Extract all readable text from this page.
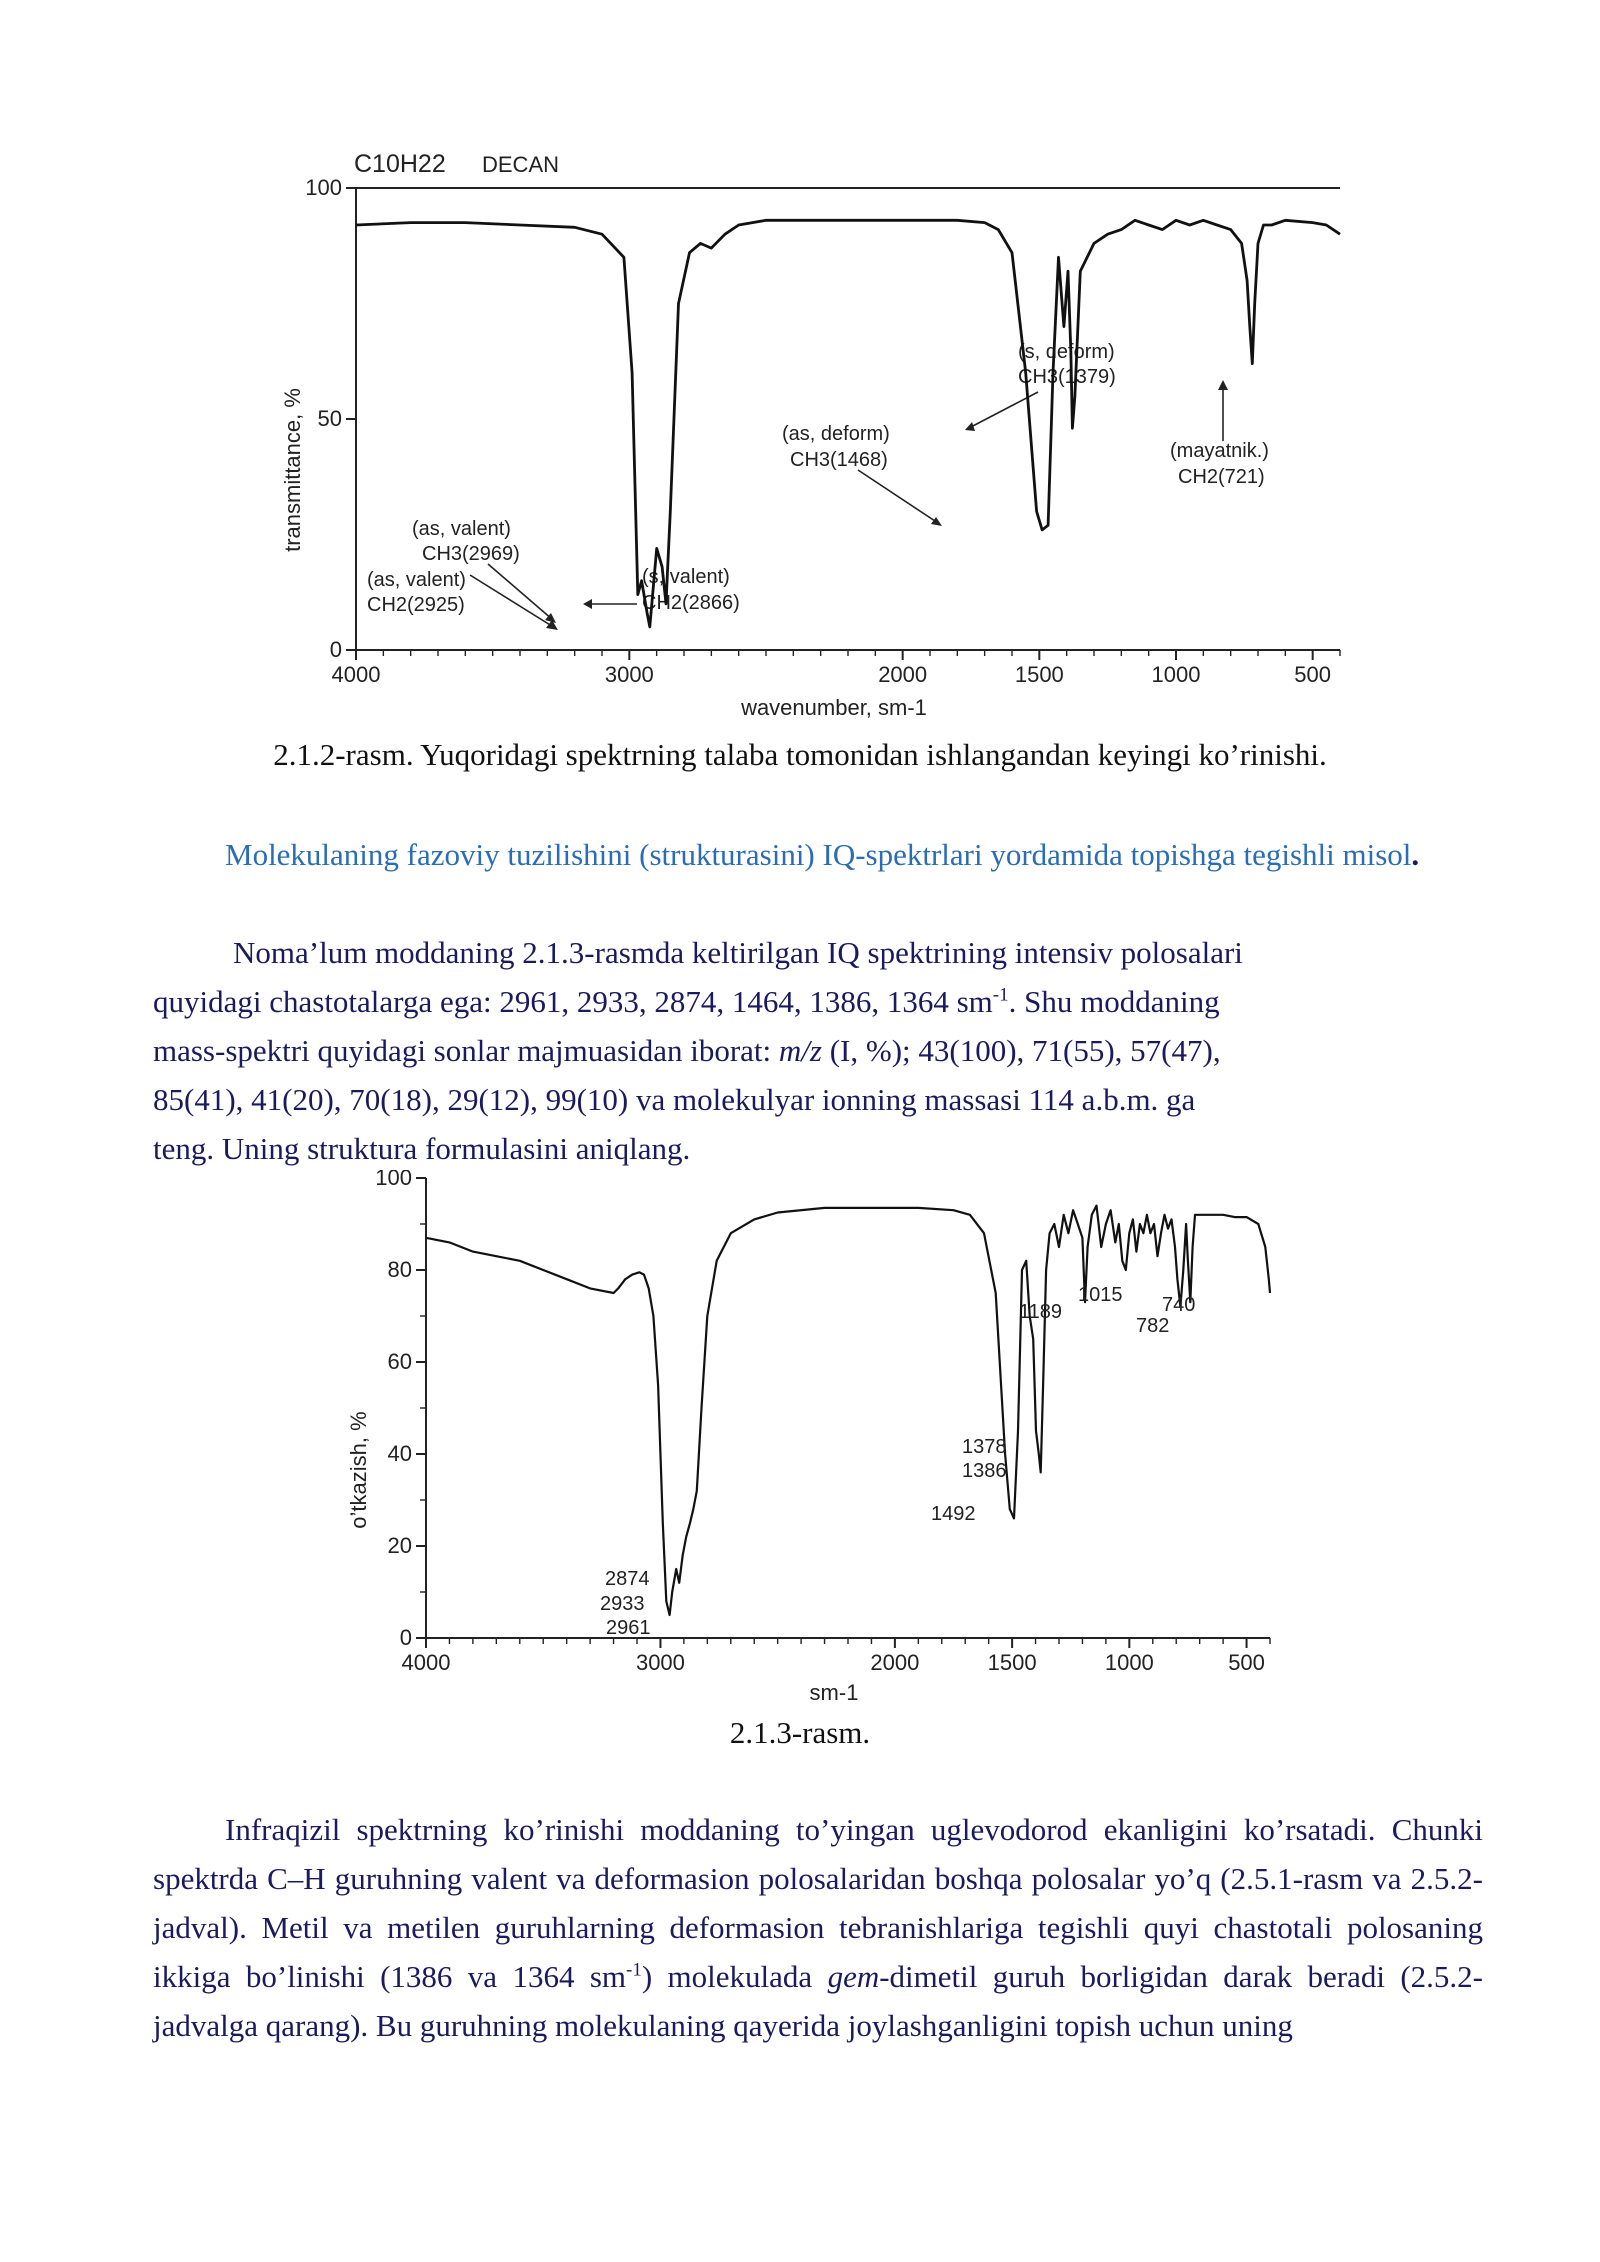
C10H22 DECAN
transmittance, %
wavenumber, sm-1
(as, valent)
CH3(2969)
(as, valent)
CH2(2925)
(s, valent)
CH2(2866)
(as, deform)
CH3(1468)
(s, deform)
CH3(1379)
(mayatnik.)
CH2(721)
4000	3000	2000	1500	1000	500
0
50
100
2.1.2-rasm. Yuqoridagi spektrning talaba tomonidan ishlangandan keyingi ko’rinishi.

Molekulaning fazoviy tuzilishini (strukturasini) IQ-spektrlari yordamida topishga tegishli misol.

Noma’lum moddaning 2.1.3-rasmda keltirilgan IQ spektrining intensiv polosalari

quyidagi chastotalarga ega: 2961, 2933, 2874, 1464, 1386, 1364 $sm^{-1}$. Shu moddaning

mass-spektri quyidagi sonlar majmuasidan iborat: m/z (I, %); 43(100), 71(55), 57(47),

85(41), 41(20), 70(18), 29(12), 99(10) va molekulyar ionning massasi 114 a.b.m. ga

teng. Uning struktura formulasini aniqlang.

o’tkazish, %
sm-1
4000	3000	2000	1500	1000	500
0
20
40
60
80
100
2874
2933
2961
1378
1386
1492
1189
1015 740
782
2.1.3-rasm.

Infraqizil spektrning ko’rinishi moddaning to’yingan uglevodorod ekanligini ko’rsatadi. Chunki spektrda C–H guruhning valent va deformasion polosalaridan boshqa polosalar yo’q (2.5.1-rasm va 2.5.2-jadval). Metil va metilen guruhlarning deformasion tebranishlariga tegishli quyi chastotali polosaning ikkiga bo’linishi (1386 va 1364 $sm^{-1}$) molekulada gem-dimetil guruh borligidan darak beradi (2.5.2-jadvalga qarang). Bu guruhning molekulaning qayerida joylashganligini topish uchun uning
